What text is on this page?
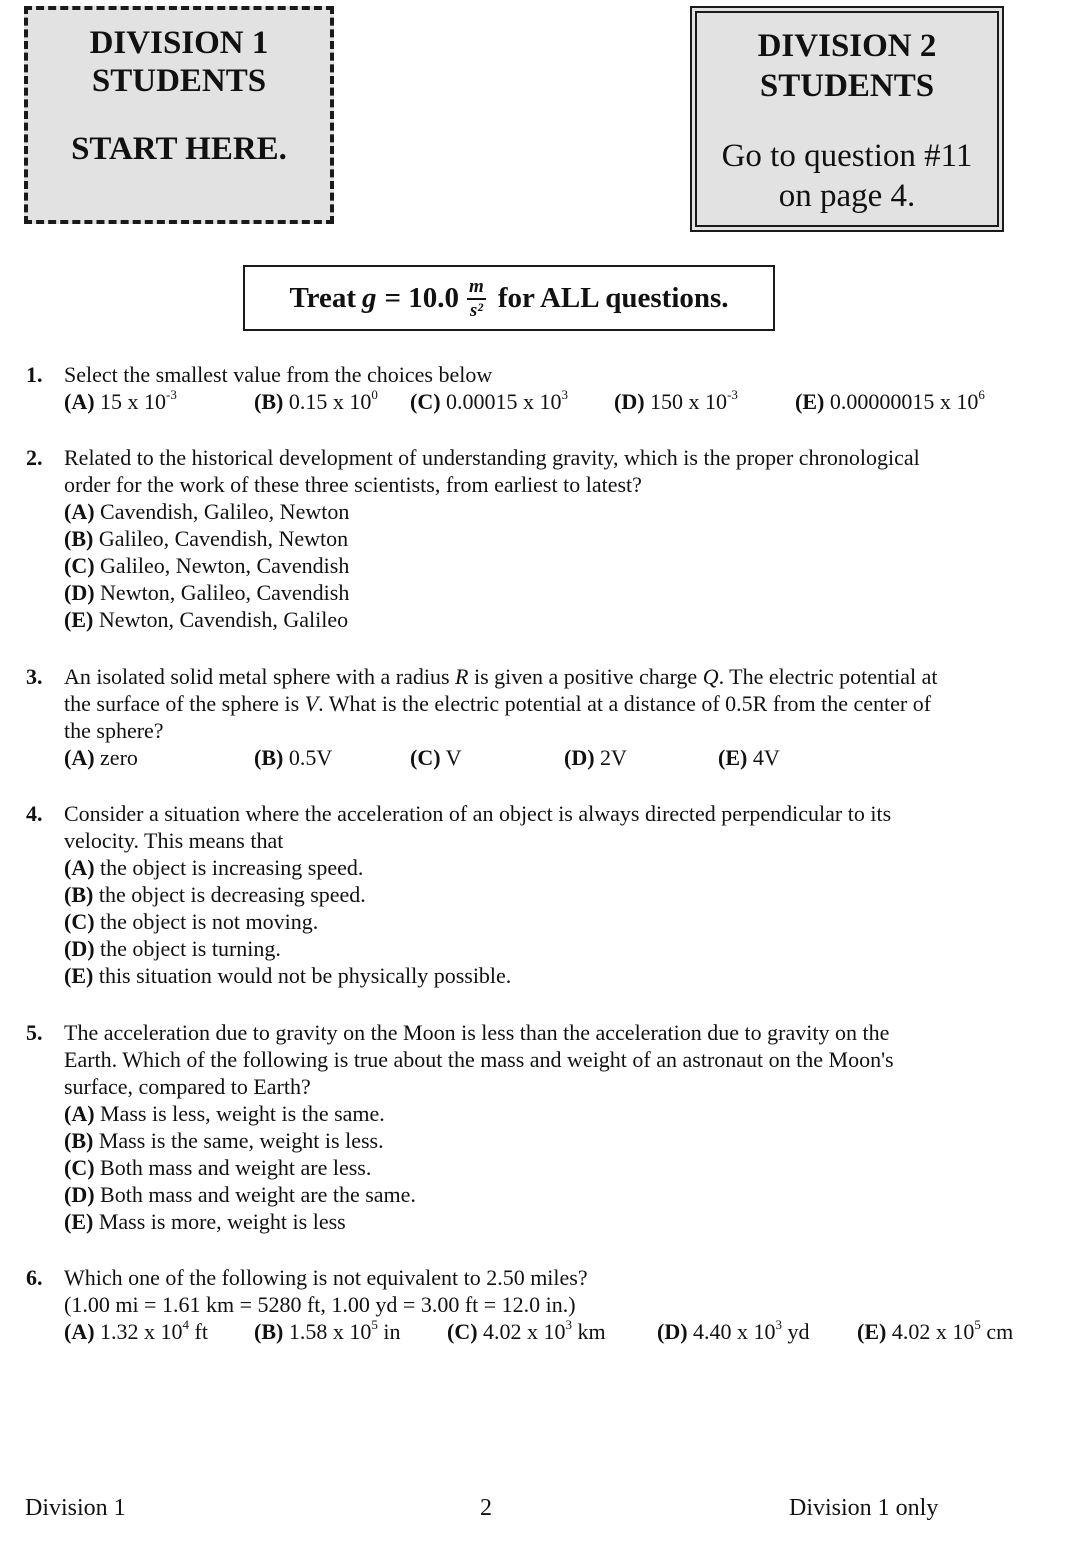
DIVISION 1
STUDENTS
START HERE.
DIVISION 2
STUDENTS
Go to question #11
on page 4.
Treat $g = 10.0 \frac{m}{\text{s²}}$ for ALL questions.
1. Select the smallest value from the choices below
(A) 15 x $10^{-3}$	(B) 0.15 x $10^0$ (C) 0.00015 x $10^3$ (D) 150 x $10^{-3}$	(E) 0.00000015 x $10^6$
2. Related to the historical development of understanding gravity, which is the proper chronological
order for the work of these three scientists, from earliest to latest?
(A) Cavendish, Galileo, Newton
(B) Galileo, Cavendish, Newton
(C) Galileo, Newton, Cavendish
(D) Newton, Galileo, Cavendish
(E) Newton, Cavendish, Galileo
3. An isolated solid metal sphere with a radius R is given a positive charge Q. The electric potential at
the surface of the sphere is V. What is the electric potential at a distance of 0.5R from the center of
the sphere?
(A) zero	(B) 0.5V	(C) V	(D) 2V	(E) 4V
4. Consider a situation where the acceleration of an object is always directed perpendicular to its
velocity. This means that
(A) the object is increasing speed.
(B) the object is decreasing speed.
(C) the object is not moving.
(D) the object is turning.
(E) this situation would not be physically possible.
5. The acceleration due to gravity on the Moon is less than the acceleration due to gravity on the
Earth. Which of the following is true about the mass and weight of an astronaut on the Moon's
surface, compared to Earth?
(A) Mass is less, weight is the same.
(B) Mass is the same, weight is less.
(C) Both mass and weight are less.
(D) Both mass and weight are the same.
(E) Mass is more, weight is less
6. Which one of the following is not equivalent to 2.50 miles?
(1.00 mi = 1.61 km = 5280 ft, 1.00 yd = 3.00 ft = 12.0 in.)
(A) 1.32 x $10^4$ ft (B) 1.58 x $10^5$ in (C) 4.02 x $10^3$ km (D) 4.40 x $10^3$ yd (E) 4.02 x $10^5$ cm
Division 1	2	Division 1 only
